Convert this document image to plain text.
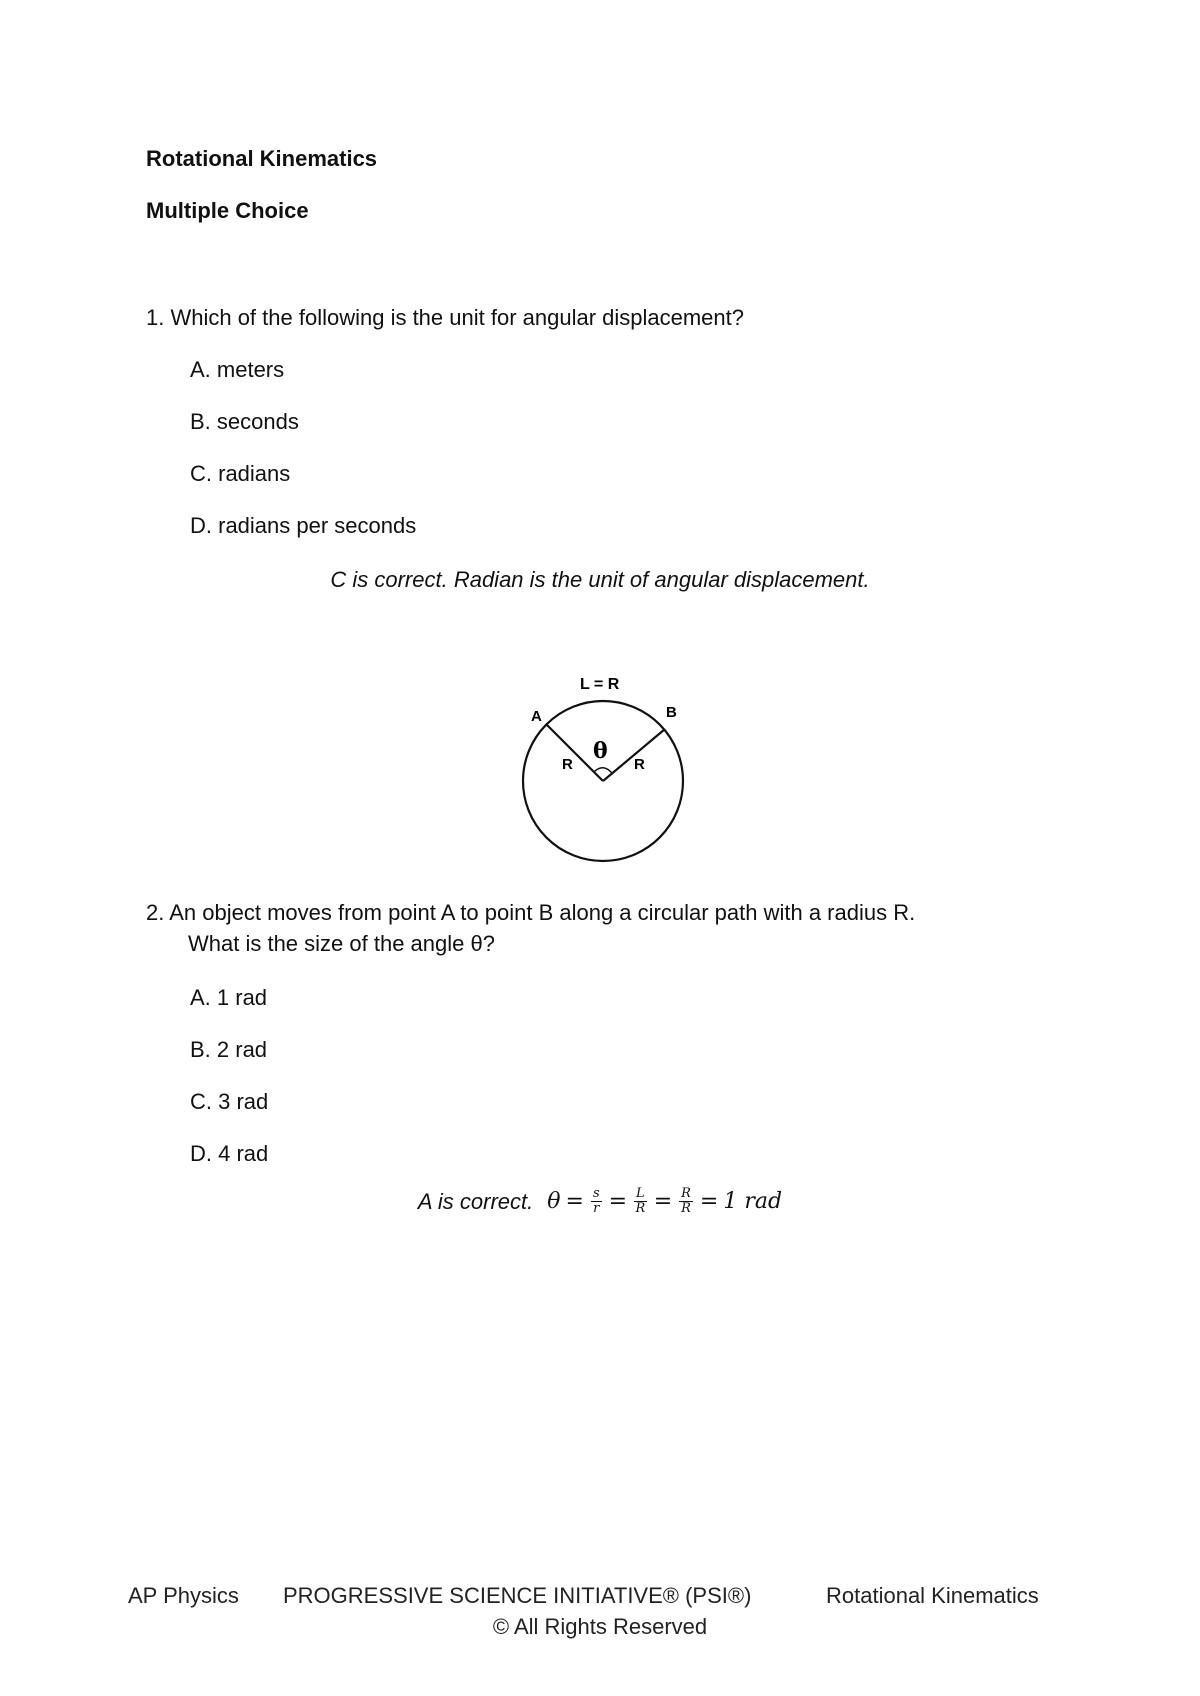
Rotational Kinematics
Multiple Choice
1. Which of the following is the unit for angular displacement?
A. meters
B. seconds
C. radians
D. radians per seconds
C is correct. Radian is the unit of angular displacement.
L = R
A	B
R	R
θ
2. An object moves from point A to point B along a circular path with a radius R.
What is the size of the angle θ?
A. 1 rad
B. 2 rad
C. 3 rad
D. 4 rad
A is correct. $\theta = \frac{s}{r} = \frac{L}{R} = \frac{R}{R} = 1$ rad
AP Physics PROGRESSIVE SCIENCE INITIATIVE® (PSI®)	Rotational Kinematics
© All Rights Reserved
